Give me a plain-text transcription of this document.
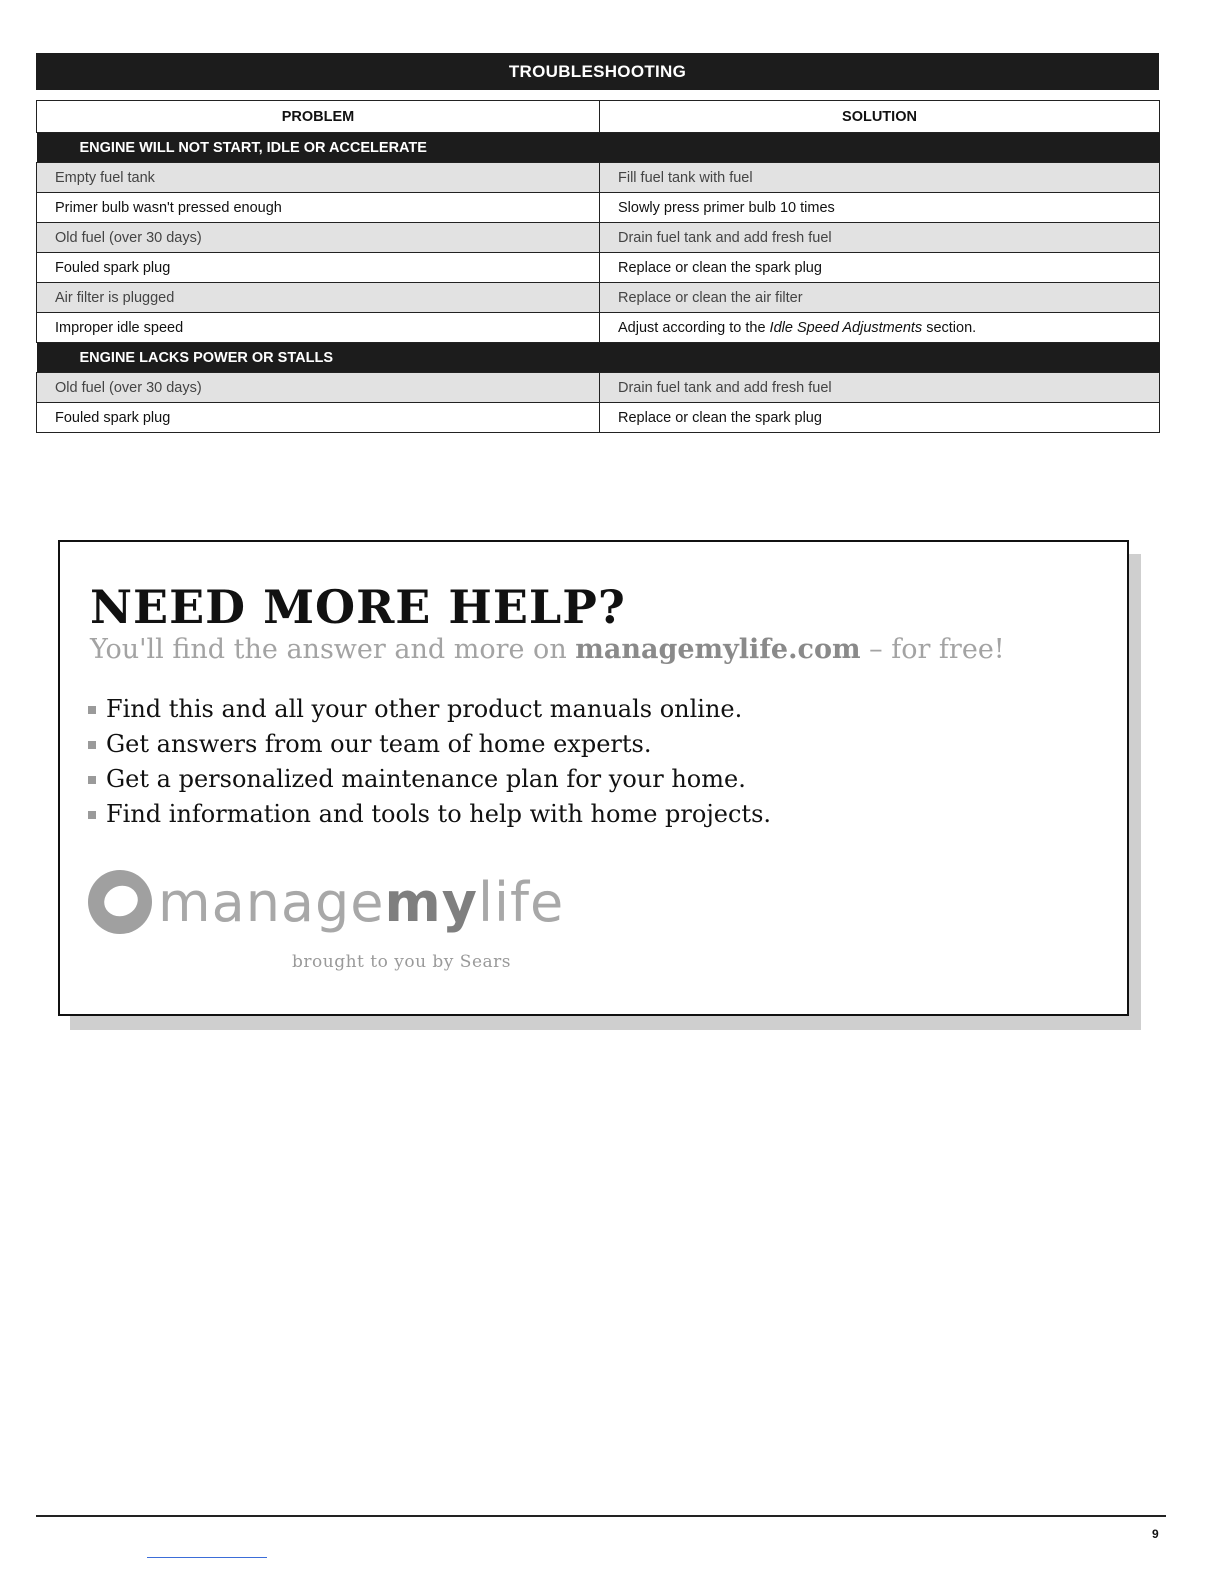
TROUBLESHOOTING
PROBLEM	SOLUTION
ENGINE WILL NOT START, IDLE OR ACCELERATE	
Empty fuel tank	Fill fuel tank with fuel
Primer bulb wasn't pressed enough	Slowly press primer bulb 10 times
Old fuel (over 30 days)	Drain fuel tank and add fresh fuel
Fouled spark plug	Replace or clean the spark plug
Air filter is plugged	Replace or clean the air filter
Improper idle speed	Adjust according to the Idle Speed Adjustments section.
ENGINE LACKS POWER OR STALLS	
Old fuel (over 30 days)	Drain fuel tank and add fresh fuel
Fouled spark plug	Replace or clean the spark plug
NEED MORE HELP?

You'll find the answer and more on managemylife.com – for free!

Find this and all your other product manuals online.
Get answers from our team of home experts.
Get a personalized maintenance plan for your home.
Find information and tools to help with home projects.
managemylife
brought to you by Sears
9
